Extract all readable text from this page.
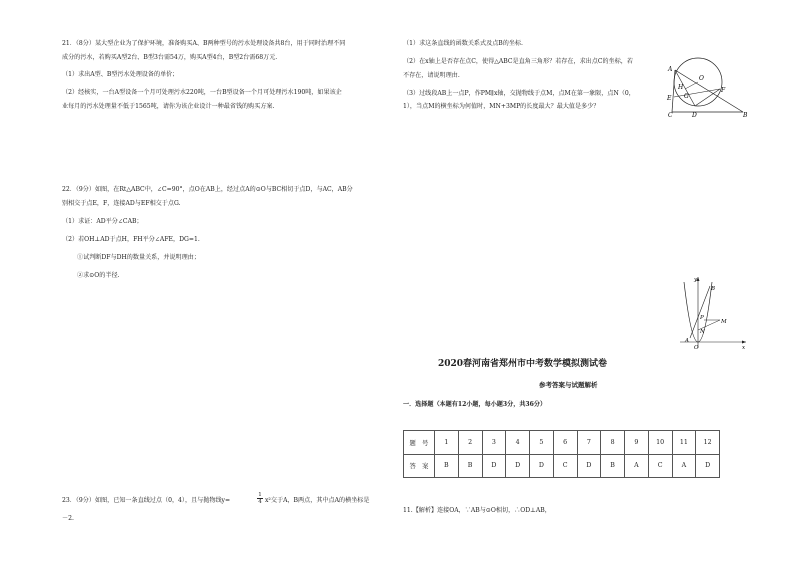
21．（8分）某大型企业为了保护环境，准备购买A、B两种型号的污水处理设备共8台，用于同时治理不同
成分的污水，若购买A型2台、B型3台需54万，购买A型4台，B型2台需68万元.
（1）求出A型、B型污水处理设备的单价；
（2）经核实，一台A型设备一个月可处理污水220吨，一台B型设备一个月可处理污水190吨，如果该企
业每月的污水处理量不低于1565吨，请你为该企业设计一种最省钱的购买方案.
22．（9分）如图，在Rt△ABC中，∠C=90°，点O在AB上，经过点A的⊙O与BC相切于点D，与AC，AB分
别相交于点E，F，连接AD与EF相交于点G.
（1）求证：AD平分∠CAB；
（2）若OH⊥AD于点H，FH平分∠AFE，DG=1.
①试判断DF与DH的数量关系，并说明理由；
②求⊙O的半径.
23．（9分）如图，已知一条直线过点（0，4），且与抛物线y=	$\frac{1}{4} x^2$交于A，B两点，其中点A的横坐标是
－2.
（1）求这条直线的函数关系式及点B的坐标.
（2）在x轴上是否存在点C，使得△ABC是直角三角形？若存在，求出点C的坐标，若
不存在，请说明理由.
（3）过线段AB上一点P，作PM∥x轴，交抛物线于点M，点M在第一象限，点N（0，
1），当点M的横坐标为何值时，MN+3MP的长度最大？最大值是多少？
A
O
H
G
E
F
C	D	B
y
x
O
A
B
P
M
N
2020春河南省郑州市中考数学模拟测试卷
参考答案与试题解析
一．选择题（本题有12小题，每小题3分，共36分）
题　号	1	2	3	4	5	6	7	8	9	10	11	12
答　案	B	B	D	D	D	C	D	B	A	C	A	D
11.【解析】连接OA，∵AB与⊙O相切，∴OD⊥AB，
